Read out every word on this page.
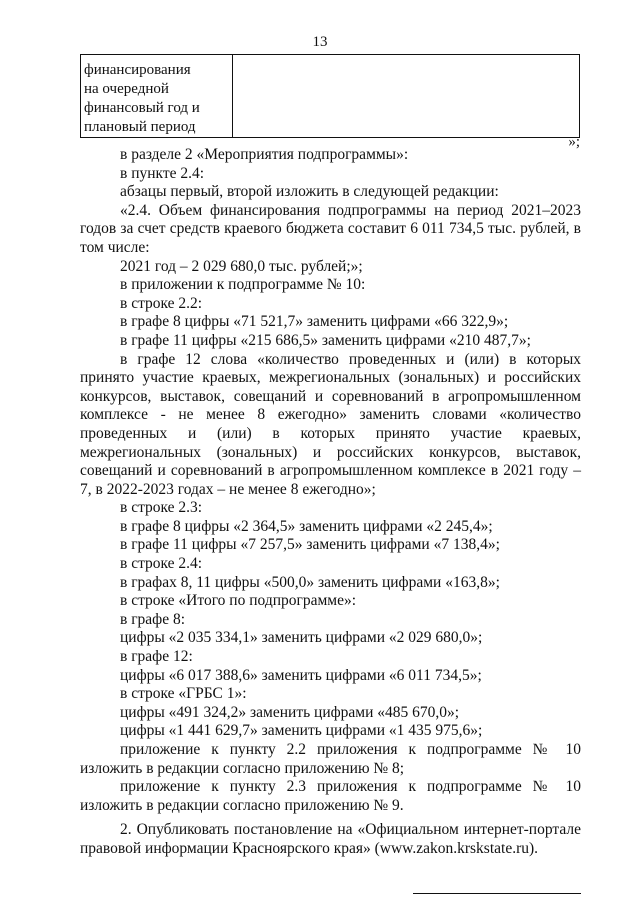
13
финансирования
на очередной
финансовый год и
плановый период

»;

в разделе 2 «Мероприятия подпрограммы»:

в пункте 2.4:

абзацы первый, второй изложить в следующей редакции:

«2.4. Объем финансирования подпрограммы на период 2021–2023 годов за счет средств краевого бюджета составит 6 011 734,5 тыс. рублей, в том числе:

2021 год – 2 029 680,0 тыс. рублей;»;

в приложении к подпрограмме № 10:

в строке 2.2:

в графе 8 цифры «71 521,7» заменить цифрами «66 322,9»;

в графе 11 цифры «215 686,5» заменить цифрами «210 487,7»;

в графе 12 слова «количество проведенных и (или) в которых принято участие краевых, межрегиональных (зональных) и российских конкурсов, выставок, совещаний и соревнований в агропромышленном комплексе - не менее 8 ежегодно» заменить словами «количество проведенных и (или) в которых принято участие краевых, межрегиональных (зональных) и российских конкурсов, выставок, совещаний и соревнований в агропромышленном комплексе в 2021 году – 7, в 2022-2023 годах – не менее 8 ежегодно»;

в строке 2.3:

в графе 8 цифры «2 364,5» заменить цифрами «2 245,4»;

в графе 11 цифры «7 257,5» заменить цифрами «7 138,4»;

в строке 2.4:

в графах 8, 11 цифры «500,0» заменить цифрами «163,8»;

в строке «Итого по подпрограмме»:

в графе 8:

цифры «2 035 334,1» заменить цифрами «2 029 680,0»;

в графе 12:

цифры «6 017 388,6» заменить цифрами «6 011 734,5»;

в строке «ГРБС 1»:

цифры «491 324,2» заменить цифрами «485 670,0»;

цифры «1 441 629,7» заменить цифрами «1 435 975,6»;

приложение к пункту 2.2 приложения к подпрограмме № 10 изложить в редакции согласно приложению № 8;

приложение к пункту 2.3 приложения к подпрограмме № 10 изложить в редакции согласно приложению № 9.

2. Опубликовать постановление на «Официальном интернет-портале правовой информации Красноярского края» (www.zakon.krskstate.ru).
